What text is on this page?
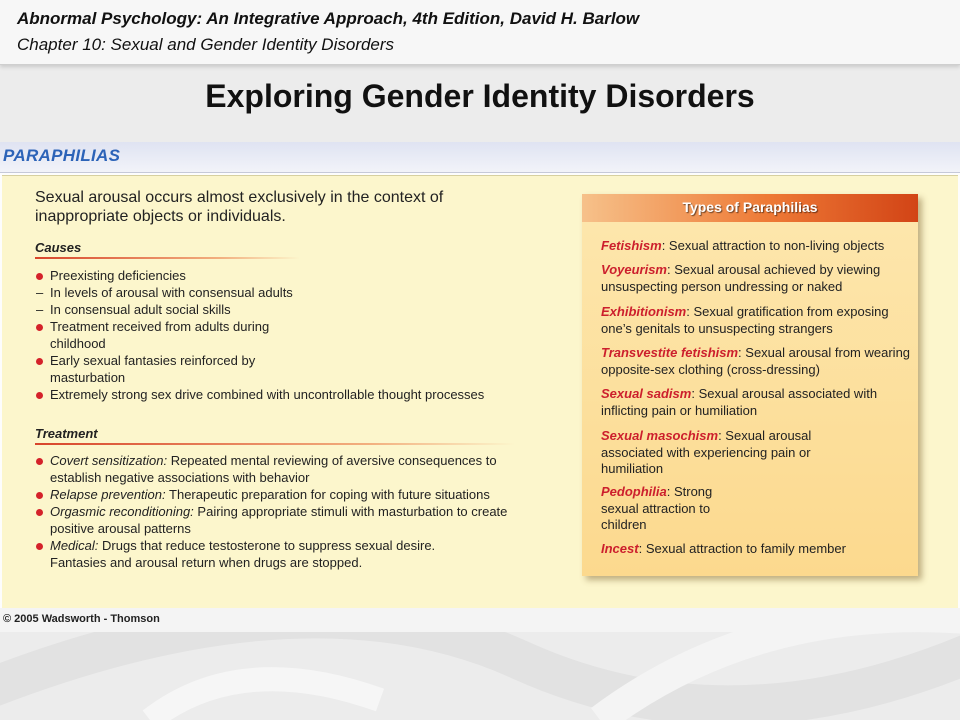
Abnormal Psychology: An Integrative Approach, 4th Edition, David H. Barlow
Chapter 10: Sexual and Gender Identity Disorders
Exploring Gender Identity Disorders
PARAPHILIAS
Sexual arousal occurs almost exclusively in the context of inappropriate objects or individuals.
Causes
Preexisting deficiencies
– In levels of arousal with consensual adults
– In consensual adult social skills
Treatment received from adults during childhood
Early sexual fantasies reinforced by masturbation
Extremely strong sex drive combined with uncontrollable thought processes
Treatment
Covert sensitization: Repeated mental reviewing of aversive consequences to establish negative associations with behavior
Relapse prevention: Therapeutic preparation for coping with future situations
Orgasmic reconditioning: Pairing appropriate stimuli with masturbation to create positive arousal patterns
Medical: Drugs that reduce testosterone to suppress sexual desire. Fantasies and arousal return when drugs are stopped.
Types of Paraphilias
Fetishism: Sexual attraction to non-living objects
Voyeurism: Sexual arousal achieved by viewing unsuspecting person undressing or naked
Exhibitionism: Sexual gratification from exposing one’s genitals to unsuspecting strangers
Transvestite fetishism: Sexual arousal from wearing opposite-sex clothing (cross-dressing)
Sexual sadism: Sexual arousal associated with inflicting pain or humiliation
Sexual masochism: Sexual arousal associated with experiencing pain or humiliation
Pedophilia: Strong sexual attraction to children
Incest: Sexual attraction to family member
© 2005 Wadsworth - Thomson
